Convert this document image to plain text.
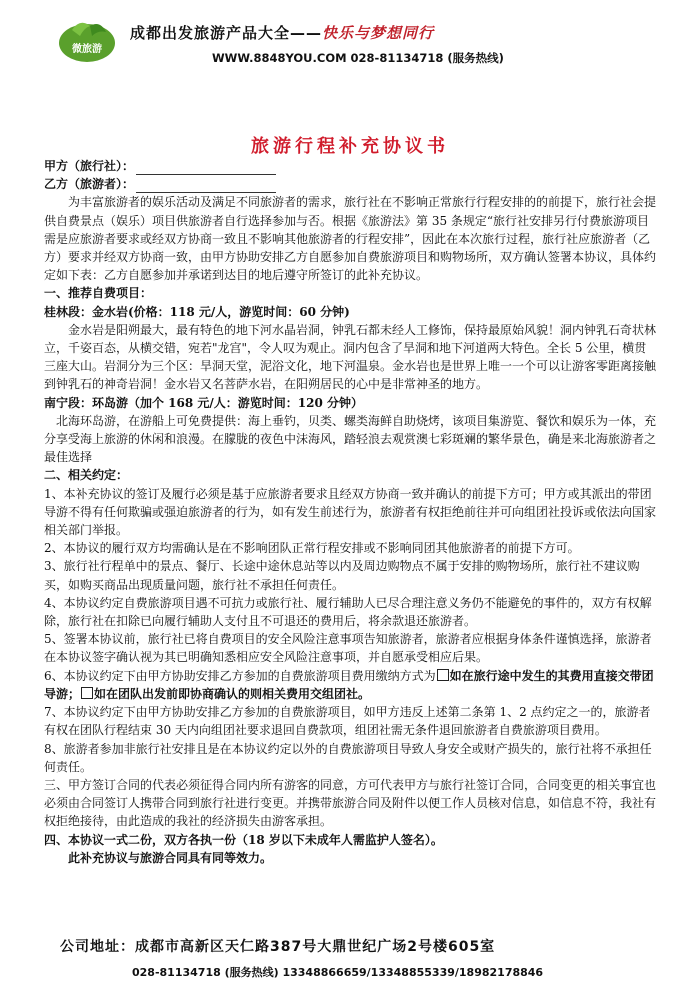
微旅游
成都出发旅游产品大全——快乐与梦想同行
WWW.8848YOU.COM 028-81134718 (服务热线)
旅游行程补充协议书

甲方（旅行社）：

乙方（旅游者）：

为丰富旅游者的娱乐活动及满足不同旅游者的需求，旅行社在不影响正常旅行行程安排的的前提下，旅行社会提供自费景点（娱乐）项目供旅游者自行选择参加与否。根据《旅游法》第 35 条规定“旅行社安排另行付费旅游项目需是应旅游者要求或经双方协商一致且不影响其他旅游者的行程安排”，因此在本次旅行过程，旅行社应旅游者（乙方）要求并经双方协商一致，由甲方协助安排乙方自愿参加自费旅游项目和购物场所，双方确认签署本协议，具体约定如下表：乙方自愿参加并承诺到达目的地后遵守所签订的此补充协议。

一、推荐自费项目：

桂林段：金水岩(价格：118 元/人，游览时间：60 分钟)

金水岩是阳朔最大，最有特色的地下河水晶岩洞，钟乳石都未经人工修饰，保持最原始风貌！洞内钟乳石奇状林立，千姿百态，从横交错，宛若"龙宫"，令人叹为观止。洞内包含了旱洞和地下河道两大特色。全长 5 公里，横贯三座大山。岩洞分为三个区：旱洞天堂，泥浴文化，地下河温泉。金水岩也是世界上唯一一个可以让游客零距离接触到钟乳石的神奇岩洞！金水岩又名菩萨水岩，在阳朔居民的心中是非常神圣的地方。

南宁段：环岛游（加个 168 元/人：游览时间：120 分钟）

北海环岛游，在游船上可免费提供：海上垂钓，贝类、螺类海鲜自助烧烤，该项目集游览、餐饮和娱乐为一体，充分享受海上旅游的休闲和浪漫。在朦胧的夜色中沫海风，踏轻浪去观赏澳七彩斑斓的繁华景色，确是来北海旅游者之最佳选择

二、相关约定：

1、本补充协议的签订及履行必须是基于应旅游者要求且经双方协商一致并确认的前提下方可；甲方或其派出的带团导游不得有任何欺骗或强迫旅游者的行为，如有发生前述行为，旅游者有权拒绝前往并可向组团社投诉或依法向国家相关部门举报。

2、本协议的履行双方均需确认是在不影响团队正常行程安排或不影响同团其他旅游者的前提下方可。

3、旅行社行程单中的景点、餐厅、长途中途休息站等以内及周边购物点不属于安排的购物场所，旅行社不建议购买，如购买商品出现质量问题，旅行社不承担任何责任。

4、本协议约定自费旅游项目遇不可抗力或旅行社、履行辅助人已尽合理注意义务仍不能避免的事件的，双方有权解除，旅行社在扣除已向履行辅助人支付且不可退还的费用后，将余款退还旅游者。

5、签署本协议前，旅行社已将自费项目的安全风险注意事项告知旅游者，旅游者应根据身体条件谨慎选择，旅游者在本协议签字确认视为其已明确知悉相应安全风险注意事项，并自愿承受相应后果。

6、本协议约定下由甲方协助安排乙方参加的自费旅游项目费用缴纳方式为 如在旅行途中发生的其费用直接交带团导游； 如在团队出发前即协商确认的则相关费用交组团社。

7、本协议约定下由甲方协助安排乙方参加的自费旅游项目，如甲方违反上述第二条第 1、2 点约定之一的，旅游者有权在团队行程结束 30 天内向组团社要求退回自费款项，组团社需无条件退回旅游者自费旅游项目费用。

8、旅游者参加非旅行社安排且是在本协议约定以外的自费旅游项目导致人身安全或财产损失的，旅行社将不承担任何责任。

三、甲方签订合同的代表必须征得合同内所有游客的同意，方可代表甲方与旅行社签订合同，合同变更的相关事宜也必须由合同签订人携带合同到旅行社进行变更。并携带旅游合同及附件以便工作人员核对信息，如信息不符，我社有权拒绝接待，由此造成的我社的经济损失由游客承担。

四、本协议一式二份，双方各执一份（18 岁以下未成年人需监护人签名）。

此补充协议与旅游合同具有同等效力。

公司地址：成都市高新区天仁路387号大鼎世纪广场2号楼605室
028-81134718 (服务热线) 13348866659/13348855339/18982178846
